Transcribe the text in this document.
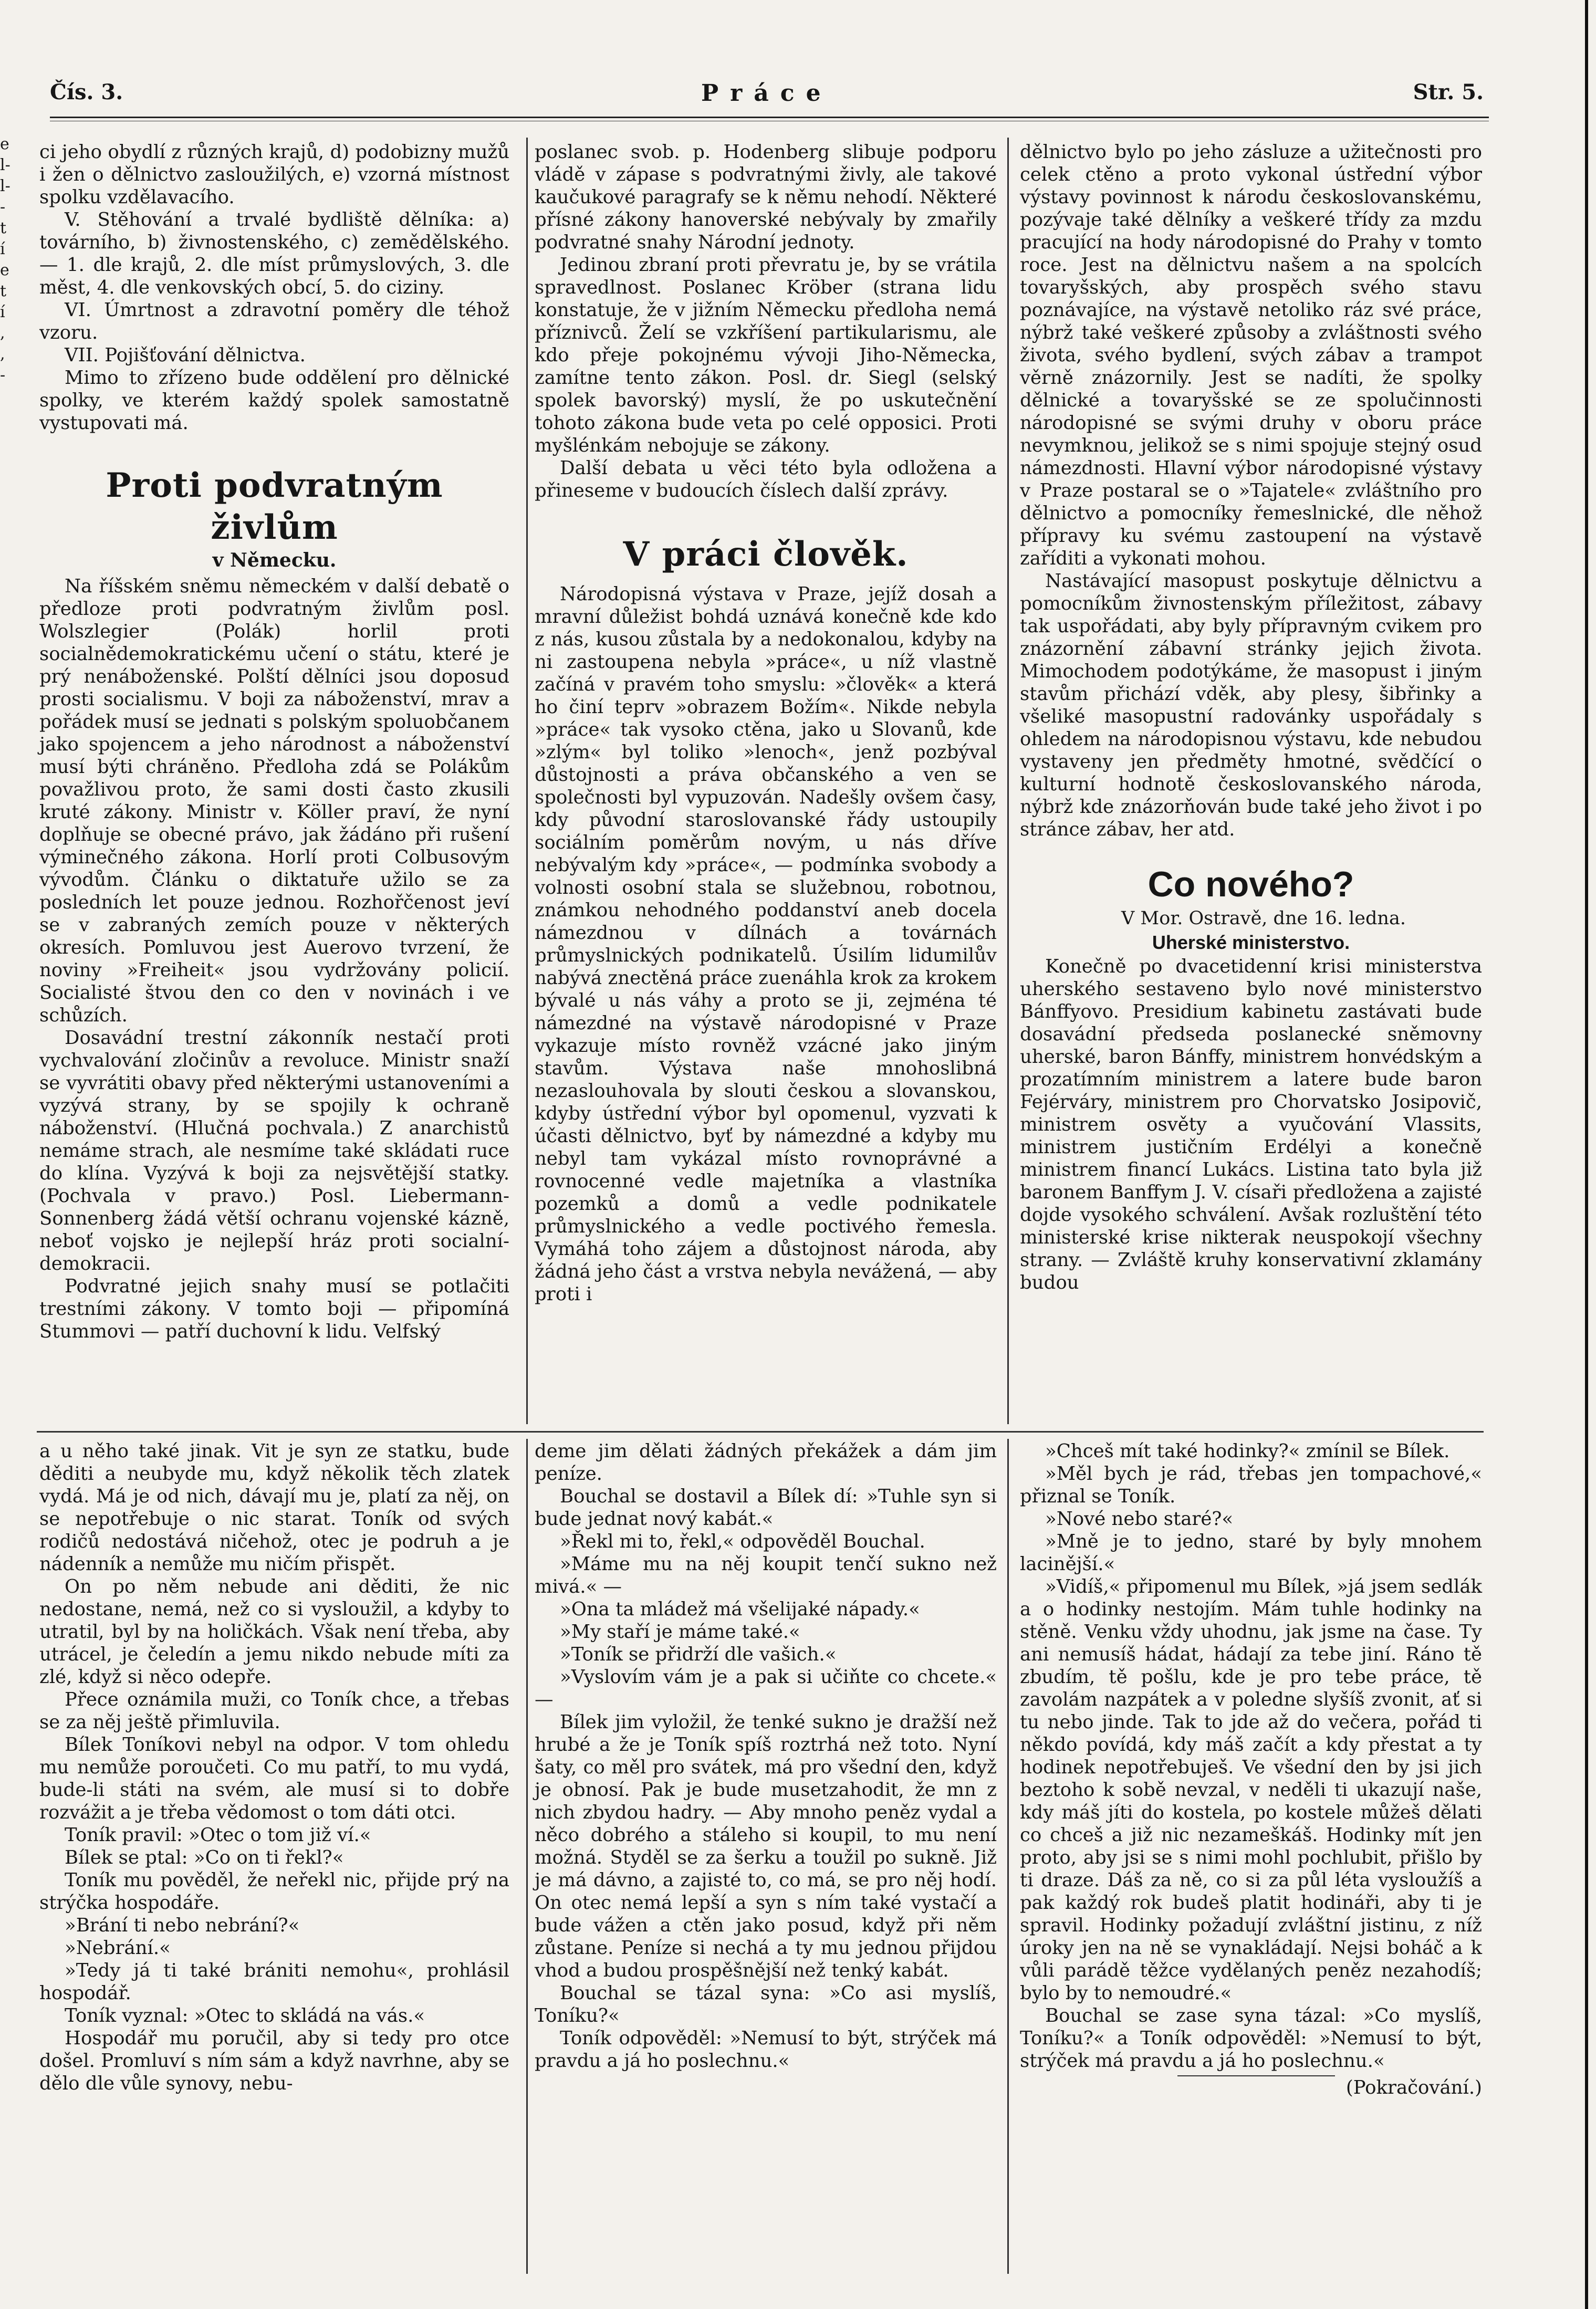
e
l-
l-
-
t
í
e
t
í
,
,
-
Čís. 3.	Práce	Str. 5.

ci jeho obydlí z různých krajů, d) podobizny mužů i žen o dělnictvo zasloužilých, e) vzorná místnost spolku vzdělavacího.

V. Stěhování a trvalé bydliště dělníka: a) továrního, b) živnostenského, c) zemědělského. — 1. dle krajů, 2. dle míst průmyslových, 3. dle měst, 4. dle venkovských obcí, 5. do ciziny.

VI. Úmrtnost a zdravotní poměry dle téhož vzoru.

VII. Pojišťování dělnictva.

Mimo to zřízeno bude oddělení pro dělnické spolky, ve kterém každý spolek samostatně vystupovati má.

Proti podvratným živlům
v Německu.

Na říšském sněmu německém v další debatě o předloze proti podvratným živlům posl. Wolszlegier (Polák) horlil proti socialnědemokratickému učení o státu, které je prý nenáboženské. Polští dělníci jsou doposud prosti socialismu. V boji za náboženství, mrav a pořádek musí se jednati s polským spoluobčanem jako spojencem a jeho národnost a náboženství musí býti chráněno. Předloha zdá se Polákům považlivou proto, že sami dosti často zkusili kruté zákony. Ministr v. Köller praví, že nyní doplňuje se obecné právo, jak žádáno při rušení výminečného zákona. Horlí proti Colbusovým vývodům. Článku o diktatuře užilo se za posledních let pouze jednou. Rozhořčenost jeví se v zabraných zemích pouze v některých okresích. Pomluvou jest Auerovo tvrzení, že noviny »Freiheit« jsou vydržovány policií. Socialisté štvou den co den v novinách i ve schůzích.

Dosavádní trestní zákonník nestačí proti vychvalování zločinův a revoluce. Ministr snaží se vyvrátiti obavy před některými ustanoveními a vyzývá strany, by se spojily k ochraně náboženství. (Hlučná pochvala.) Z anarchistů nemáme strach, ale nesmíme také skládati ruce do klína. Vyzývá k boji za nejsvětější statky. (Pochvala v pravo.) Posl. Liebermann-Sonnenberg žádá větší ochranu vojenské kázně, neboť vojsko je nejlepší hráz proti socialní-demokracii.

Podvratné jejich snahy musí se potlačiti trestními zákony. V tomto boji — připomíná Stummovi — patří duchovní k lidu. Velfský

poslanec svob. p. Hodenberg slibuje podporu vládě v zápase s podvratnými živly, ale takové kaučukové paragrafy se k němu nehodí. Některé přísné zákony hanoverské nebývaly by zmařily podvratné snahy Národní jednoty.

Jedinou zbraní proti převratu je, by se vrátila spravedlnost. Poslanec Kröber (strana lidu konstatuje, že v jižním Německu předloha nemá příznivců. Želí se vzkříšení partikularismu, ale kdo přeje pokojnému vývoji Jiho-Německa, zamítne tento zákon. Posl. dr. Siegl (selský spolek bavorský) myslí, že po uskutečnění tohoto zákona bude veta po celé opposici. Proti myšlénkám nebojuje se zákony.

Další debata u věci této byla odložena a přineseme v budoucích číslech další zprávy.

V práci člověk.

Národopisná výstava v Praze, jejíž dosah a mravní důležist bohdá uznává konečně kde kdo z nás, kusou zůstala by a nedokonalou, kdyby na ni zastoupena nebyla »práce«, u níž vlastně začíná v pravém toho smyslu: »člověk« a která ho činí teprv »obrazem Božím«. Nikde nebyla »práce« tak vysoko ctěna, jako u Slovanů, kde »zlým« byl toliko »lenoch«, jenž pozbýval důstojnosti a práva občanského a ven se společnosti byl vypuzován. Nadešly ovšem časy, kdy původní staroslovanské řády ustoupily sociálním poměrům novým, u nás dříve nebývalým kdy »práce«, — podmínka svobody a volnosti osobní stala se služebnou, robotnou, známkou nehodného poddanství aneb docela námezdnou v dílnách a továrnách průmyslnických podnikatelů. Úsilím lidumilův nabývá znectěná práce zuenáhla krok za krokem bývalé u nás váhy a proto se ji, zejména té námezdné na výstavě národopisné v Praze vykazuje místo rovněž vzácné jako jiným stavům. Výstava naše mnohoslibná nezaslouhovala by slouti českou a slovanskou, kdyby ústřední výbor byl opomenul, vyzvati k účasti dělnictvo, byť by námezdné a kdyby mu nebyl tam vykázal místo rovnoprávné a rovnocenné vedle majetníka a vlastníka pozemků a domů a vedle podnikatele průmyslnického a vedle poctivého řemesla. Vymáhá toho zájem a důstojnost národa, aby žádná jeho část a vrstva nebyla nevážená, — aby proti i

dělnictvo bylo po jeho zásluze a užitečnosti pro celek ctěno a proto vykonal ústřední výbor výstavy povinnost k národu českoslovanskému, pozývaje také dělníky a veškeré třídy za mzdu pracující na hody národopisné do Prahy v tomto roce. Jest na dělnictvu našem a na spolcích tovaryšských, aby prospěch svého stavu poznávajíce, na výstavě netoliko ráz své práce, nýbrž také veškeré způsoby a zvláštnosti svého života, svého bydlení, svých zábav a trampot věrně znázornily. Jest se nadíti, že spolky dělnické a tovaryšské se ze spolučinnosti národopisné se svými druhy v oboru práce nevymknou, jelikož se s nimi spojuje stejný osud námezdnosti. Hlavní výbor národopisné výstavy v Praze postaral se o »Tajatele« zvláštního pro dělnictvo a pomocníky řemeslnické, dle něhož přípravy ku svému zastoupení na výstavě zaříditi a vykonati mohou.

Nastávající masopust poskytuje dělnictvu a pomocníkům živnostenským příležitost, zábavy tak uspořádati, aby byly přípravným cvikem pro znázornění zábavní stránky jejich života. Mimochodem podotýkáme, že masopust i jiným stavům přichází vděk, aby plesy, šibřinky a všeliké masopustní radovánky uspořádaly s ohledem na národopisnou výstavu, kde nebudou vystaveny jen předměty hmotné, svědčící o kulturní hodnotě českoslovanského národa, nýbrž kde znázorňován bude také jeho život i po stránce zábav, her atd.

Co nového?

V Mor. Ostravě, dne 16. ledna.

Uherské ministerstvo.

Konečně po dvacetidenní krisi ministerstva uherského sestaveno bylo nové ministerstvo Bánffyovo. Presidium kabinetu zastávati bude dosavádní předseda poslanecké sněmovny uherské, baron Bánffy, ministrem honvédským a prozatímním ministrem a latere bude baron Fejérváry, ministrem pro Chorvatsko Josipovič, ministrem osvěty a vyučování Vlassits, ministrem justičním Erdélyi a konečně ministrem financí Lukács. Listina tato byla již baronem Banffym J. V. císaři předložena a zajisté dojde vysokého schválení. Avšak rozluštění této ministerské krise nikterak neuspokojí všechny strany. — Zvláště kruhy konservativní zklamány budou

a u něho také jinak. Vit je syn ze statku, bude děditi a neubyde mu, když několik těch zlatek vydá. Má je od nich, dávají mu je, platí za něj, on se nepotřebuje o nic starat. Toník od svých rodičů nedostává ničehož, otec je podruh a je nádenník a nemůže mu ničím přispět.

On po něm nebude ani děditi, že nic nedostane, nemá, než co si vysloužil, a kdyby to utratil, byl by na holičkách. Však není třeba, aby utrácel, je čeledín a jemu nikdo nebude míti za zlé, když si něco odepře.

Přece oznámila muži, co Toník chce, a třebas se za něj ještě přimluvila.

Bílek Toníkovi nebyl na odpor. V tom ohledu mu nemůže poroučeti. Co mu patří, to mu vydá, bude-li státi na svém, ale musí si to dobře rozvážit a je třeba vědomost o tom dáti otci.

Toník pravil: »Otec o tom již ví.«

Bílek se ptal: »Co on ti řekl?«

Toník mu pověděl, že neřekl nic, přijde prý na strýčka hospodáře.

»Brání ti nebo nebrání?«

»Nebrání.«

»Tedy já ti také brániti nemohu«, prohlásil hospodář.

Toník vyznal: »Otec to skládá na vás.«

Hospodář mu poručil, aby si tedy pro otce došel. Promluví s ním sám a když navrhne, aby se dělo dle vůle synovy, nebu-

deme jim dělati žádných překážek a dám jim peníze.

Bouchal se dostavil a Bílek dí: »Tuhle syn si bude jednat nový kabát.«

»Řekl mi to, řekl,« odpověděl Bouchal.

»Máme mu na něj koupit tenčí sukno než mivá.« —

»Ona ta mládež má všelijaké nápady.«

»My staří je máme také.«

»Toník se přidrží dle vašich.«

»Vyslovím vám je a pak si učiňte co chcete.« —

Bílek jim vyložil, že tenké sukno je dražší než hrubé a že je Toník spíš roztrhá než toto. Nyní šaty, co měl pro svátek, má pro všední den, když je obnosí. Pak je bude musetzahodit, že mn z nich zbydou hadry. — Aby mnoho peněz vydal a něco dobrého a stáleho si koupil, to mu není možná. Styděl se za šerku a toužil po sukně. Již je má dávno, a zajisté to, co má, se pro něj hodí. On otec nemá lepší a syn s ním také vystačí a bude vážen a ctěn jako posud, když při něm zůstane. Peníze si nechá a ty mu jednou přijdou vhod a budou prospěšnější než tenký kabát.

Bouchal se tázal syna: »Co asi myslíš, Toníku?«

Toník odpověděl: »Nemusí to být, strýček má pravdu a já ho poslechnu.«

»Chceš mít také hodinky?« zmínil se Bílek.

»Měl bych je rád, třebas jen tompachové,« přiznal se Toník.

»Nové nebo staré?«

»Mně je to jedno, staré by byly mnohem lacinější.«

»Vidíš,« připomenul mu Bílek, »já jsem sedlák a o hodinky nestojím. Mám tuhle hodinky na stěně. Venku vždy uhodnu, jak jsme na čase. Ty ani nemusíš hádat, hádají za tebe jiní. Ráno tě zbudím, tě pošlu, kde je pro tebe práce, tě zavolám nazpátek a v poledne slyšíš zvonit, ať si tu nebo jinde. Tak to jde až do večera, pořád ti někdo povídá, kdy máš začít a kdy přestat a ty hodinek nepotřebuješ. Ve všední den by jsi jich beztoho k sobě nevzal, v neděli ti ukazují naše, kdy máš jíti do kostela, po kostele můžeš dělati co chceš a již nic nezameškáš. Hodinky mít jen proto, aby jsi se s nimi mohl pochlubit, přišlo by ti draze. Dáš za ně, co si za půl léta vysloužíš a pak každý rok budeš platit hodináři, aby ti je spravil. Hodinky požadují zvláštní jistinu, z níž úroky jen na ně se vynakládají. Nejsi boháč a k vůli parádě těžce vydělaných peněz nezahodíš; bylo by to nemoudré.«

Bouchal se zase syna tázal: »Co myslíš, Toníku?« a Toník odpověděl: »Nemusí to být, strýček má pravdu a já ho poslechnu.«

(Pokračování.)
